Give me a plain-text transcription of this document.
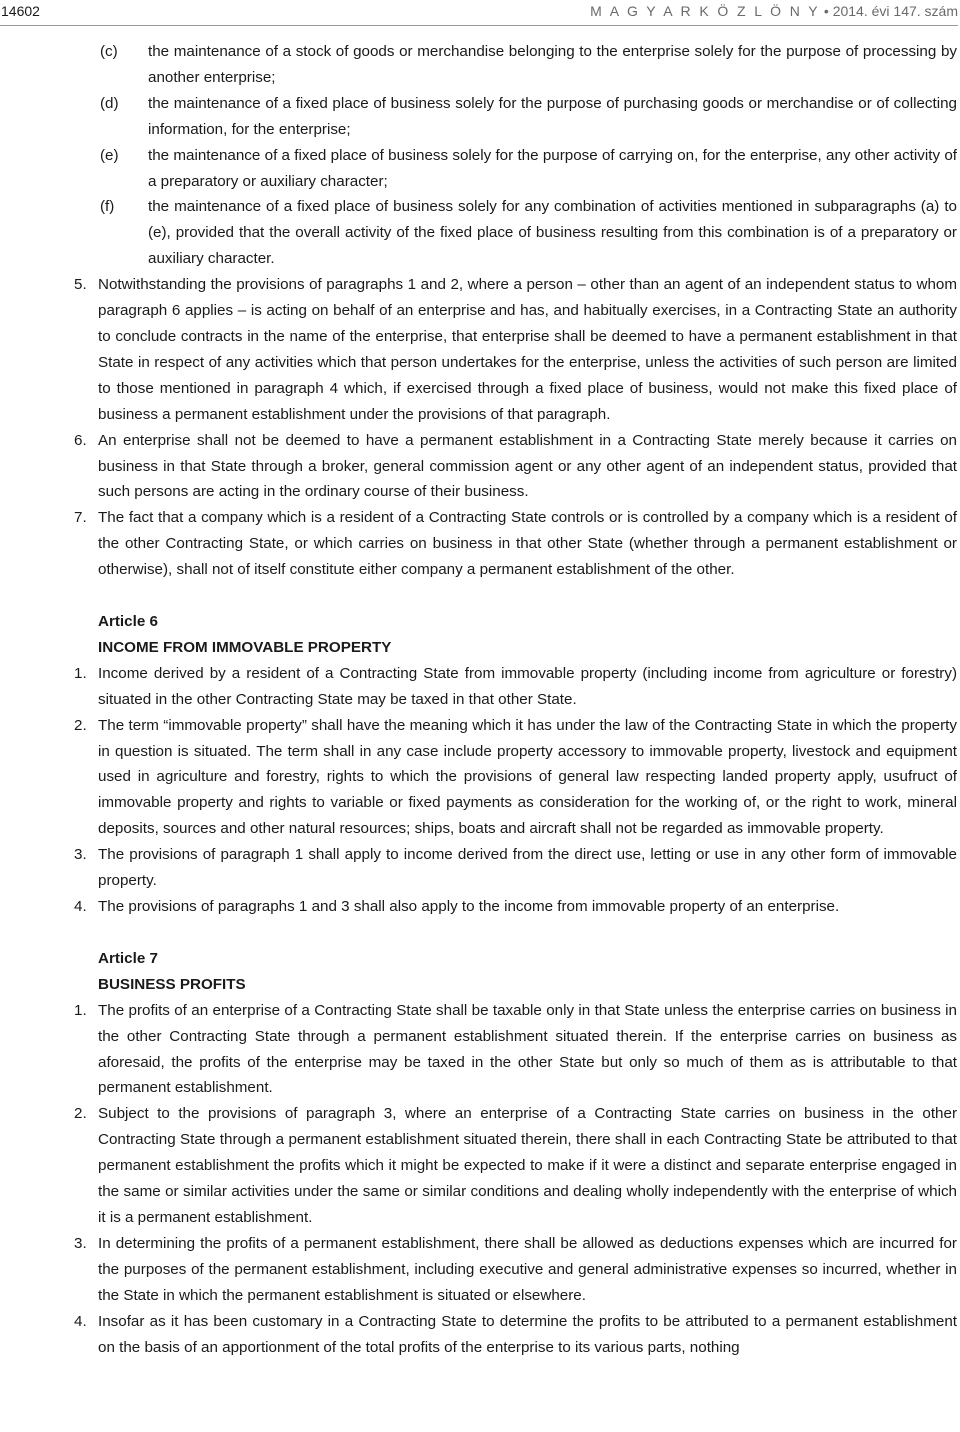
14602	M A G Y A R K Ö Z L Ö N Y • 2014. évi 147. szám
(c) the maintenance of a stock of goods or merchandise belonging to the enterprise solely for the purpose of processing by another enterprise;

(d) the maintenance of a fixed place of business solely for the purpose of purchasing goods or merchandise or of collecting information, for the enterprise;

(e) the maintenance of a fixed place of business solely for the purpose of carrying on, for the enterprise, any other activity of a preparatory or auxiliary character;

(f) the maintenance of a fixed place of business solely for any combination of activities mentioned in subparagraphs (a) to (e), provided that the overall activity of the fixed place of business resulting from this combination is of a preparatory or auxiliary character.

5. Notwithstanding the provisions of paragraphs 1 and 2, where a person – other than an agent of an independent status to whom paragraph 6 applies – is acting on behalf of an enterprise and has, and habitually exercises, in a Contracting State an authority to conclude contracts in the name of the enterprise, that enterprise shall be deemed to have a permanent establishment in that State in respect of any activities which that person undertakes for the enterprise, unless the activities of such person are limited to those mentioned in paragraph 4 which, if exercised through a fixed place of business, would not make this fixed place of business a permanent establishment under the provisions of that paragraph.

6. An enterprise shall not be deemed to have a permanent establishment in a Contracting State merely because it carries on business in that State through a broker, general commission agent or any other agent of an independent status, provided that such persons are acting in the ordinary course of their business.

7. The fact that a company which is a resident of a Contracting State controls or is controlled by a company which is a resident of the other Contracting State, or which carries on business in that other State (whether through a permanent establishment or otherwise), shall not of itself constitute either company a permanent establishment of the other.

Article 6
INCOME FROM IMMOVABLE PROPERTY
1. Income derived by a resident of a Contracting State from immovable property (including income from agriculture or forestry) situated in the other Contracting State may be taxed in that other State.

2. The term “immovable property” shall have the meaning which it has under the law of the Contracting State in which the property in question is situated. The term shall in any case include property accessory to immovable property, livestock and equipment used in agriculture and forestry, rights to which the provisions of general law respecting landed property apply, usufruct of immovable property and rights to variable or fixed payments as consideration for the working of, or the right to work, mineral deposits, sources and other natural resources; ships, boats and aircraft shall not be regarded as immovable property.

3. The provisions of paragraph 1 shall apply to income derived from the direct use, letting or use in any other form of immovable property.

4. The provisions of paragraphs 1 and 3 shall also apply to the income from immovable property of an enterprise.

Article 7
BUSINESS PROFITS
1. The profits of an enterprise of a Contracting State shall be taxable only in that State unless the enterprise carries on business in the other Contracting State through a permanent establishment situated therein. If the enterprise carries on business as aforesaid, the profits of the enterprise may be taxed in the other State but only so much of them as is attributable to that permanent establishment.

2. Subject to the provisions of paragraph 3, where an enterprise of a Contracting State carries on business in the other Contracting State through a permanent establishment situated therein, there shall in each Contracting State be attributed to that permanent establishment the profits which it might be expected to make if it were a distinct and separate enterprise engaged in the same or similar activities under the same or similar conditions and dealing wholly independently with the enterprise of which it is a permanent establishment.

3. In determining the profits of a permanent establishment, there shall be allowed as deductions expenses which are incurred for the purposes of the permanent establishment, including executive and general administrative expenses so incurred, whether in the State in which the permanent establishment is situated or elsewhere.

4. Insofar as it has been customary in a Contracting State to determine the profits to be attributed to a permanent establishment on the basis of an apportionment of the total profits of the enterprise to its various parts, nothing
